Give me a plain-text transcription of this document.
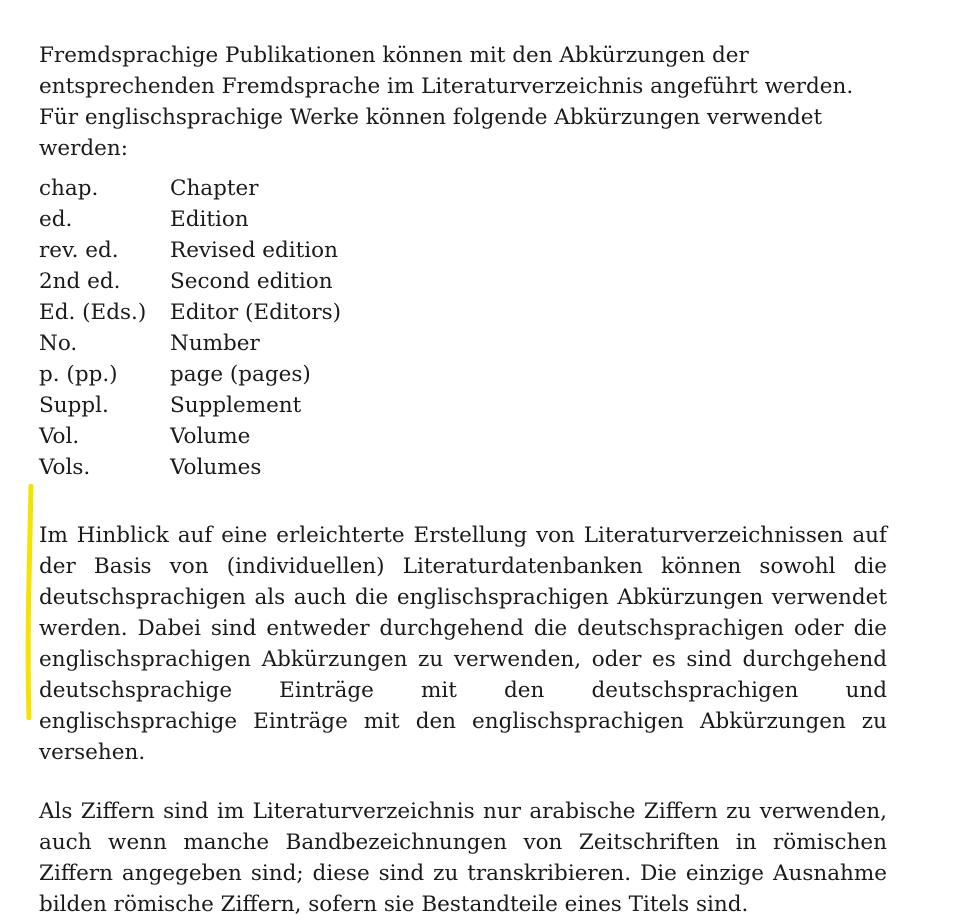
Fremdsprachige Publikationen können mit den Abkürzungen der entsprechenden Fremdsprache im Literaturverzeichnis angeführt werden. Für englischsprachige Werke können folgende Abkürzungen verwendet werden:

chap.	Chapter
ed.	Edition
rev. ed.	Revised edition
2nd ed.	Second edition
Ed. (Eds.)	Editor (Editors)
No.	Number
p. (pp.)	page (pages)
Suppl.	Supplement
Vol.	Volume
Vols.	Volumes

Im Hinblick auf eine erleichterte Erstellung von Literaturverzeichnissen auf der Basis von (individuellen) Literaturdatenbanken können sowohl die deutschsprachigen als auch die englischsprachigen Abkürzungen verwendet werden. Dabei sind entweder durchgehend die deutschsprachigen oder die englischsprachigen Abkürzungen zu verwenden, oder es sind durchgehend deutschsprachige Einträge mit den deutschsprachigen und englischsprachige Einträge mit den englischsprachigen Abkürzungen zu versehen.

Als Ziffern sind im Literaturverzeichnis nur arabische Ziffern zu verwenden, auch wenn manche Bandbezeichnungen von Zeitschriften in römischen Ziffern angegeben sind; diese sind zu transkribieren. Die einzige Ausnahme bilden römische Ziffern, sofern sie Bestandteile eines Titels sind.
